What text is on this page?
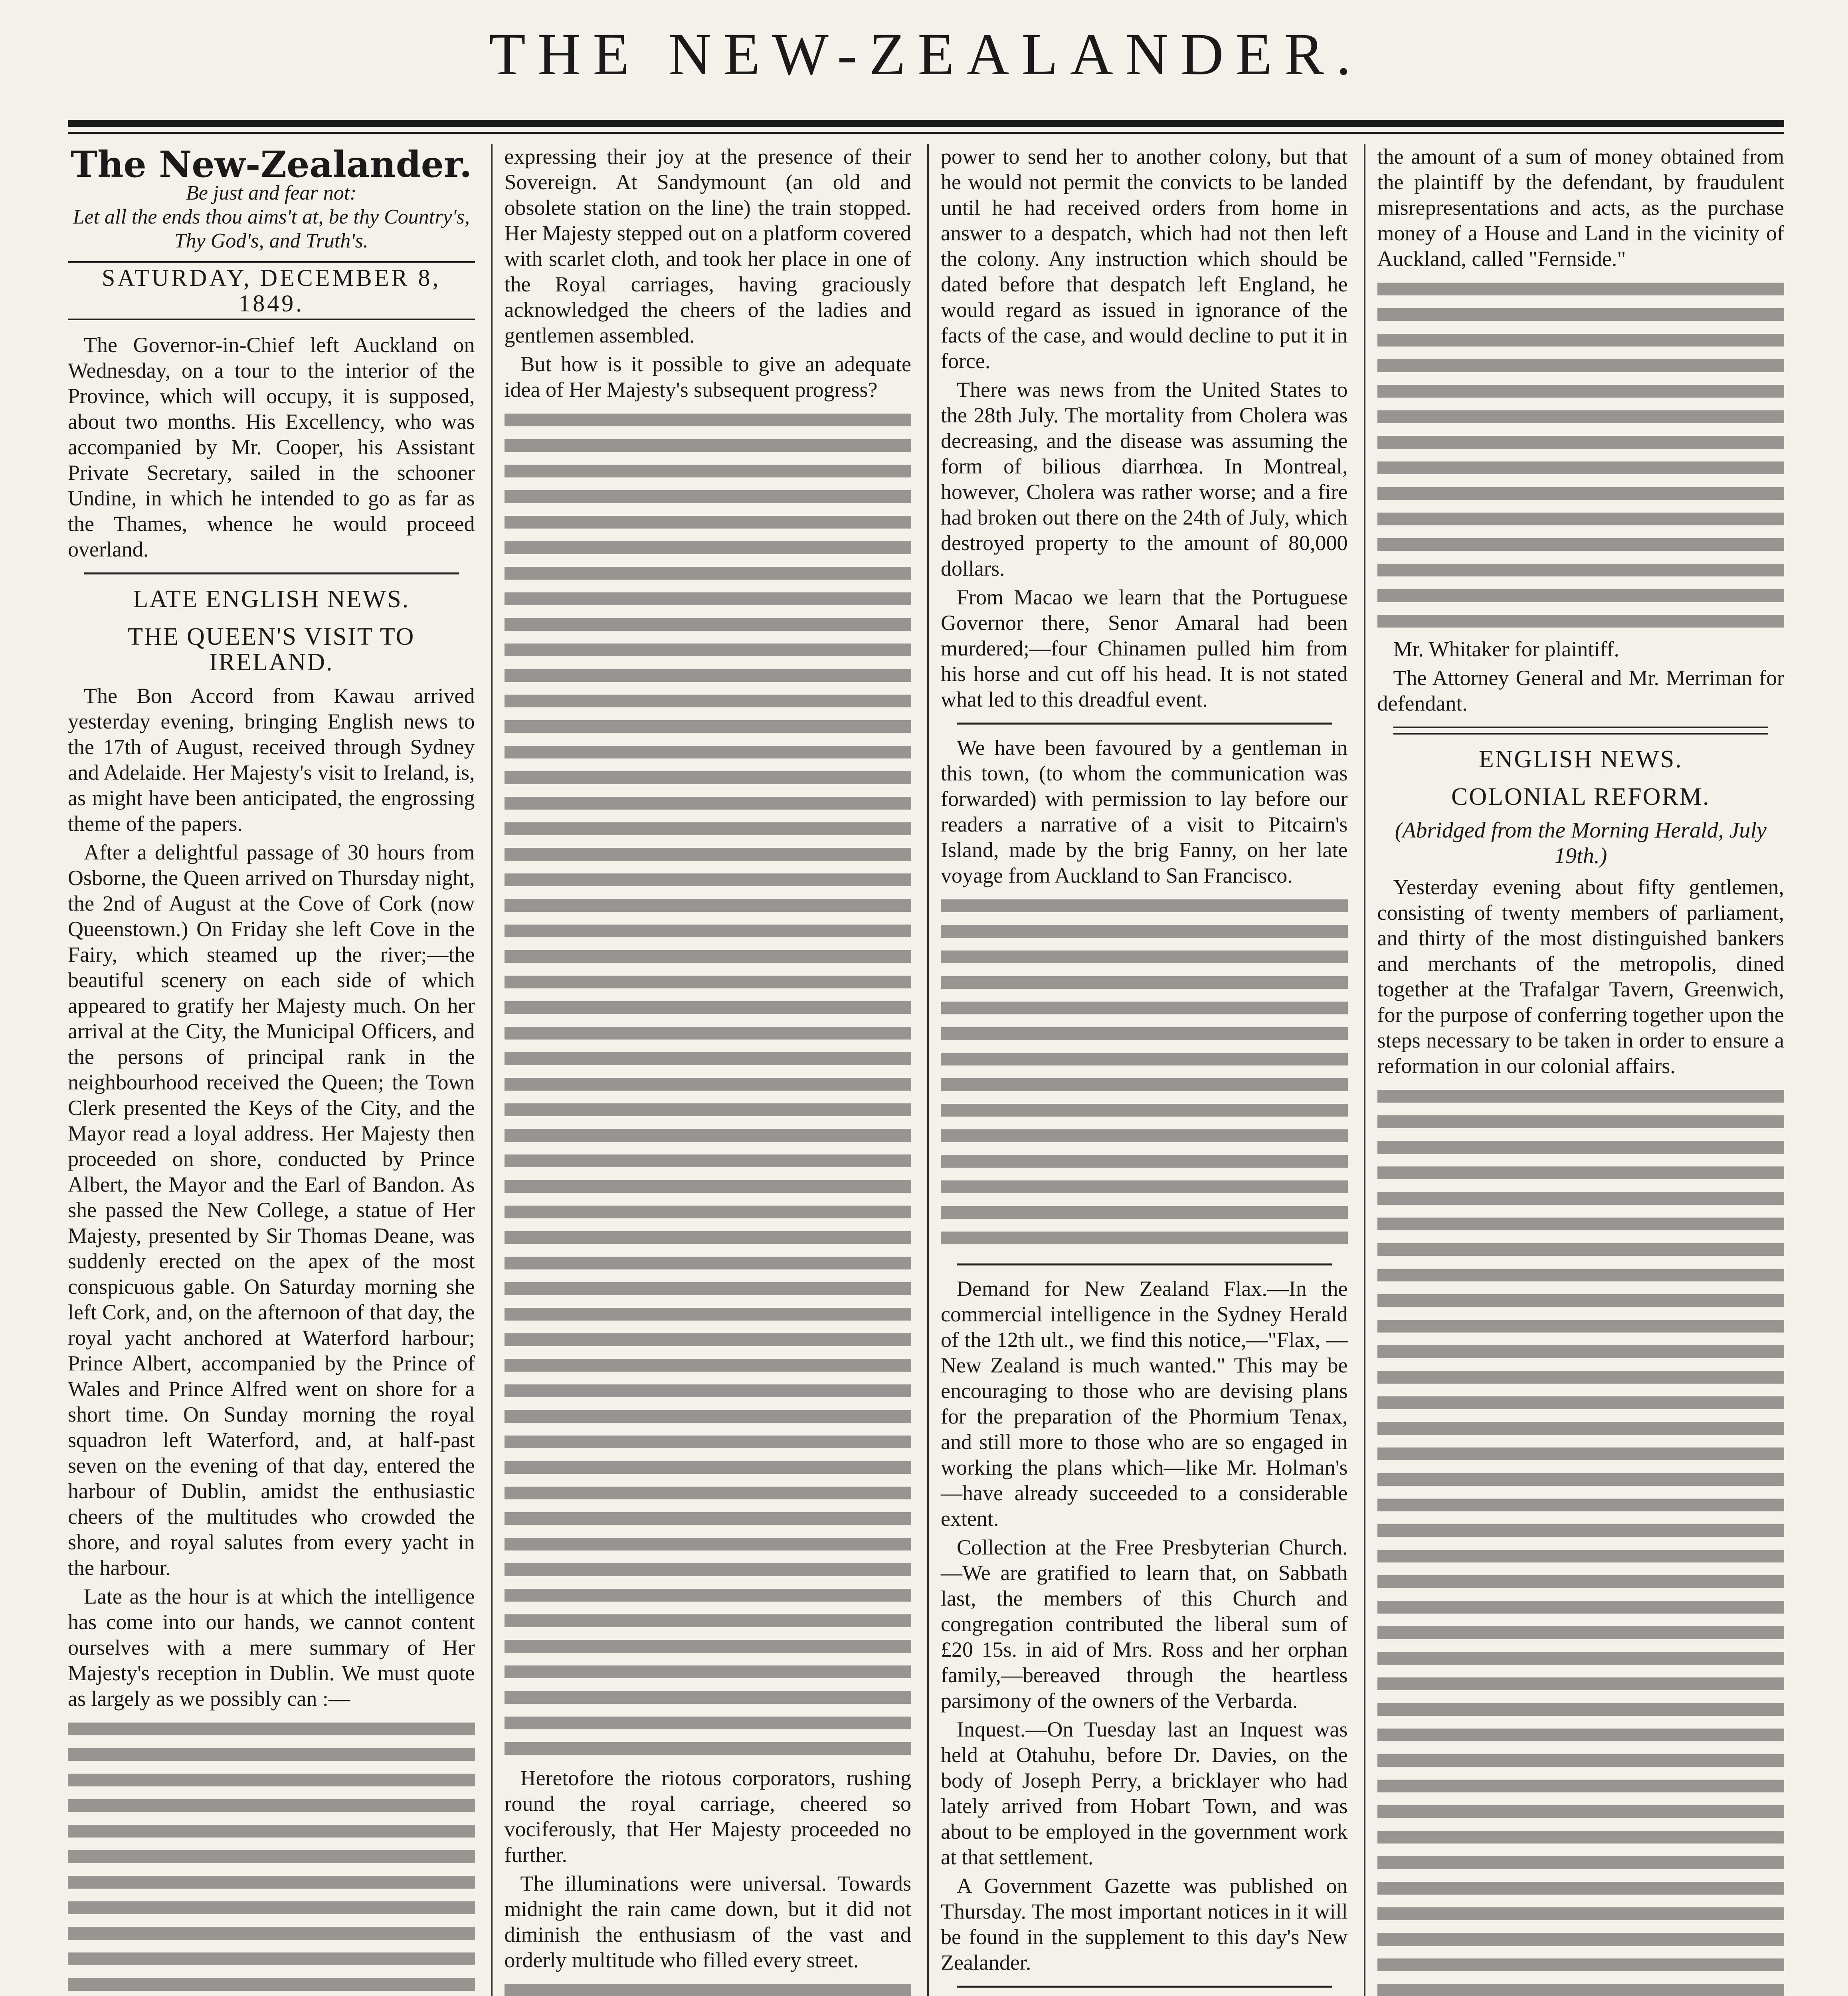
THE NEW-ZEALANDER.
The New-Zealander.
Be just and fear not:
Let all the ends thou aims't at, be thy Country's,
Thy God's, and Truth's.
SATURDAY, DECEMBER 8, 1849.

The Governor-in-Chief left Auckland on Wednesday, on a tour to the interior of the Province, which will occupy, it is supposed, about two months. His Excellency, who was accompanied by Mr. Cooper, his Assistant Private Secretary, sailed in the schooner Undine, in which he intended to go as far as the Thames, whence he would proceed overland.

LATE ENGLISH NEWS.
THE QUEEN'S VISIT TO IRELAND.

The Bon Accord from Kawau arrived yesterday evening, bringing English news to the 17th of August, received through Sydney and Adelaide. Her Majesty's visit to Ireland, is, as might have been anticipated, the engrossing theme of the papers.

After a delightful passage of 30 hours from Osborne, the Queen arrived on Thursday night, the 2nd of August at the Cove of Cork (now Queenstown.) On Friday she left Cove in the Fairy, which steamed up the river;—the beautiful scenery on each side of which appeared to gratify her Majesty much. On her arrival at the City, the Municipal Officers, and the persons of principal rank in the neighbourhood received the Queen; the Town Clerk presented the Keys of the City, and the Mayor read a loyal address. Her Majesty then proceeded on shore, conducted by Prince Albert, the Mayor and the Earl of Bandon. As she passed the New College, a statue of Her Majesty, presented by Sir Thomas Deane, was suddenly erected on the apex of the most conspicuous gable. On Saturday morning she left Cork, and, on the afternoon of that day, the royal yacht anchored at Waterford harbour; Prince Albert, accompanied by the Prince of Wales and Prince Alfred went on shore for a short time. On Sunday morning the royal squadron left Waterford, and, at half-past seven on the evening of that day, entered the harbour of Dublin, amidst the enthusiastic cheers of the multitudes who crowded the shore, and royal salutes from every yacht in the harbour.

Late as the hour is at which the intelligence has come into our hands, we cannot content ourselves with a mere summary of Her Majesty's reception in Dublin. We must quote as largely as we possibly can :—

expressing their joy at the presence of their Sovereign. At Sandymount (an old and obsolete station on the line) the train stopped. Her Majesty stepped out on a platform covered with scarlet cloth, and took her place in one of the Royal carriages, having graciously acknowledged the cheers of the ladies and gentlemen assembled.

But how is it possible to give an adequate idea of Her Majesty's subsequent progress?

Heretofore the riotous corporators, rushing round the royal carriage, cheered so vociferously, that Her Majesty proceeded no further.

The illuminations were universal. Towards midnight the rain came down, but it did not diminish the enthusiasm of the vast and orderly multitude who filled every street.

power to send her to another colony, but that he would not permit the convicts to be landed until he had received orders from home in answer to a despatch, which had not then left the colony. Any instruction which should be dated before that despatch left England, he would regard as issued in ignorance of the facts of the case, and would decline to put it in force.

There was news from the United States to the 28th July. The mortality from Cholera was decreasing, and the disease was assuming the form of bilious diarrhœa. In Montreal, however, Cholera was rather worse; and a fire had broken out there on the 24th of July, which destroyed property to the amount of 80,000 dollars.

From Macao we learn that the Portuguese Governor there, Senor Amaral had been murdered;—four Chinamen pulled him from his horse and cut off his head. It is not stated what led to this dreadful event.

We have been favoured by a gentleman in this town, (to whom the communication was forwarded) with permission to lay before our readers a narrative of a visit to Pitcairn's Island, made by the brig Fanny, on her late voyage from Auckland to San Francisco.

Demand for New Zealand Flax.—In the commercial intelligence in the Sydney Herald of the 12th ult., we find this notice,—"Flax, —New Zealand is much wanted." This may be encouraging to those who are devising plans for the preparation of the Phormium Tenax, and still more to those who are so engaged in working the plans which—like Mr. Holman's—have already succeeded to a considerable extent.

Collection at the Free Presbyterian Church.—We are gratified to learn that, on Sabbath last, the members of this Church and congregation contributed the liberal sum of £20 15s. in aid of Mrs. Ross and her orphan family,—bereaved through the heartless parsimony of the owners of the Verbarda.

Inquest.—On Tuesday last an Inquest was held at Otahuhu, before Dr. Davies, on the body of Joseph Perry, a bricklayer who had lately arrived from Hobart Town, and was about to be employed in the government work at that settlement.

A Government Gazette was published on Thursday. The most important notices in it will be found in the supplement to this day's New Zealander.

the amount of a sum of money obtained from the plaintiff by the defendant, by fraudulent misrepresentations and acts, as the purchase money of a House and Land in the vicinity of Auckland, called "Fernside."

Mr. Whitaker for plaintiff.

The Attorney General and Mr. Merriman for defendant.

ENGLISH NEWS.
COLONIAL REFORM.
(Abridged from the Morning Herald, July 19th.)

Yesterday evening about fifty gentlemen, consisting of twenty members of parliament, and thirty of the most distinguished bankers and merchants of the metropolis, dined together at the Trafalgar Tavern, Greenwich, for the purpose of conferring together upon the steps necessary to be taken in order to ensure a reformation in our colonial affairs.
